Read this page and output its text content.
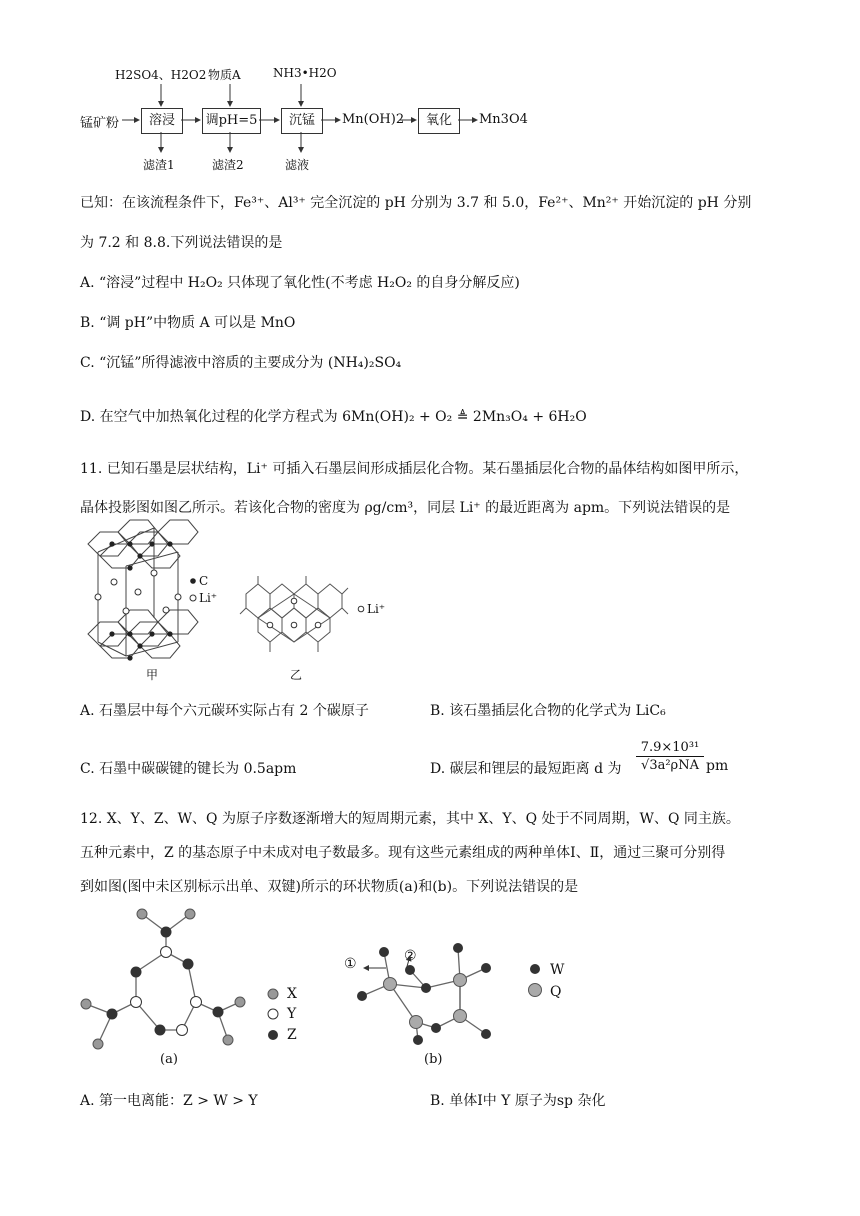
H2SO4、H2O2 物质A	NH3•H2O
锰矿粉	溶浸	调pH=5	沉锰	Mn(OH)2	氧化	Mn3O4
滤渣1	滤渣2	滤液
已知：在该流程条件下，Fe³⁺、Al³⁺ 完全沉淀的 pH 分别为 3.7 和 5.0，Fe²⁺、Mn²⁺ 开始沉淀的 pH 分别
为 7.2 和 8.8.下列说法错误的是
A. “溶浸”过程中 H₂O₂ 只体现了氧化性(不考虑 H₂O₂ 的自身分解反应)
B. “调 pH”中物质 A 可以是 MnO
C. “沉锰”所得滤液中溶质的主要成分为 (NH₄)₂SO₄
D. 在空气中加热氧化过程的化学方程式为 6Mn(OH)₂ + O₂ ≜ 2Mn₃O₄ + 6H₂O
11. 已知石墨是层状结构，Li⁺ 可插入石墨层间形成插层化合物。某石墨插层化合物的晶体结构如图甲所示，
晶体投影图如图乙所示。若该化合物的密度为 ρg/cm³，同层 Li⁺ 的最近距离为 apm。下列说法错误的是
C
Li⁺
甲
Li⁺
乙
A. 石墨层中每个六元碳环实际占有 2 个碳原子	B. 该石墨插层化合物的化学式为 LiC₆
C. 石墨中碳碳键的键长为 0.5apm	D. 碳层和锂层的最短距离 d 为
7.9×10³¹
√3a²ρNA pm
12. X、Y、Z、W、Q 为原子序数逐渐增大的短周期元素，其中 X、Y、Q 处于不同周期，W、Q 同主族。
五种元素中，Z 的基态原子中未成对电子数最多。现有这些元素组成的两种单体Ⅰ、Ⅱ，通过三聚可分别得
到如图(图中未区别标示出单、双键)所示的环状物质(a)和(b)。下列说法错误的是
X
Y
Z
(a)
①	②
W
Q
(b)
A. 第一电离能：Z > W > Y	B. 单体Ⅰ中 Y 原子为sp 杂化
